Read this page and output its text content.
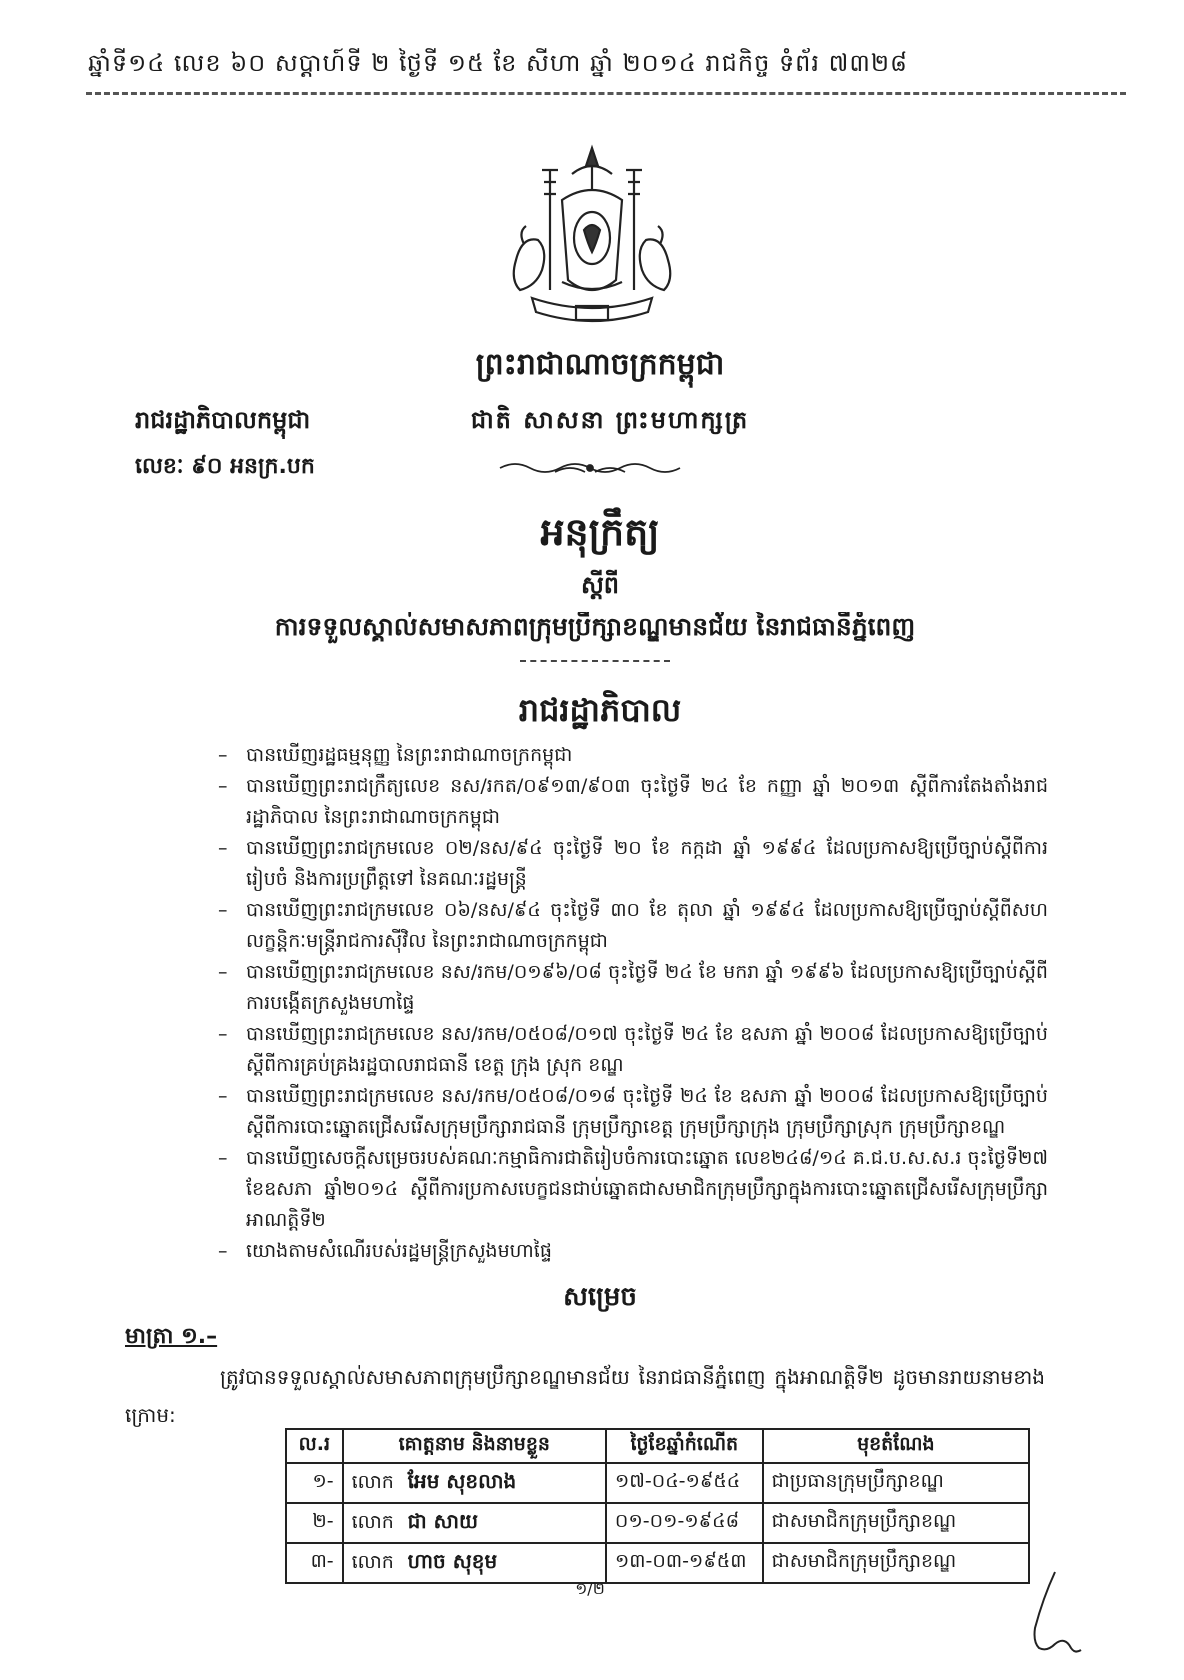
ឆ្នាំទី១៤ លេខ ៦០ សប្តាហ៍ទី ២ ថ្ងៃទី ១៥ ខែ សីហា ឆ្នាំ ២០១៤ រាជកិច្ច ទំព័រ ៧៣២៨
ព្រះរាជាណាចក្រកម្ពុជា
រាជរដ្ឋាភិបាលកម្ពុជា	ជាតិ សាសនា ព្រះមហាក្សត្រ
លេខៈ ៩០ អនក្រ.បក
អនុក្រឹត្យ
ស្តីពី
ការទទួលស្គាល់សមាសភាពក្រុមប្រឹក្សាខណ្ឌមានជ័យ នៃរាជធានីភ្នំពេញ
រាជរដ្ឋាភិបាល
– បានឃើញរដ្ឋធម្មនុញ្ញ នៃព្រះរាជាណាចក្រកម្ពុជា
– បានឃើញព្រះរាជក្រឹត្យលេខ នស/រកត/០៩១៣/៩០៣ ចុះថ្ងៃទី ២៤ ខែ កញ្ញា ឆ្នាំ ២០១៣ ស្តីពីការតែងតាំងរាជរដ្ឋាភិបាល នៃព្រះរាជាណាចក្រកម្ពុជា
– បានឃើញព្រះរាជក្រមលេខ ០២/នស/៩៤ ចុះថ្ងៃទី ២០ ខែ កក្កដា ឆ្នាំ ១៩៩៤ ដែលប្រកាសឱ្យប្រើច្បាប់ស្តីពីការរៀបចំ និងការប្រព្រឹត្តទៅ នៃគណៈរដ្ឋមន្ត្រី
– បានឃើញព្រះរាជក្រមលេខ ០៦/នស/៩៤ ចុះថ្ងៃទី ៣០ ខែ តុលា ឆ្នាំ ១៩៩៤ ដែលប្រកាសឱ្យប្រើច្បាប់ស្តីពីសហលក្ខន្តិកៈមន្ត្រីរាជការស៊ីវិល នៃព្រះរាជាណាចក្រកម្ពុជា
– បានឃើញព្រះរាជក្រមលេខ នស/រកម/០១៩៦/០៨ ចុះថ្ងៃទី ២៤ ខែ មករា ឆ្នាំ ១៩៩៦ ដែលប្រកាសឱ្យប្រើច្បាប់ស្តីពីការបង្កើតក្រសួងមហាផ្ទៃ
– បានឃើញព្រះរាជក្រមលេខ នស/រកម/០៥០៨/០១៧ ចុះថ្ងៃទី ២៤ ខែ ឧសភា ឆ្នាំ ២០០៨ ដែលប្រកាសឱ្យប្រើច្បាប់ស្តីពីការគ្រប់គ្រងរដ្ឋបាលរាជធានី ខេត្ត ក្រុង ស្រុក ខណ្ឌ
– បានឃើញព្រះរាជក្រមលេខ នស/រកម/០៥០៨/០១៨ ចុះថ្ងៃទី ២៤ ខែ ឧសភា ឆ្នាំ ២០០៨ ដែលប្រកាសឱ្យប្រើច្បាប់ស្តីពីការបោះឆ្នោតជ្រើសរើសក្រុមប្រឹក្សារាជធានី ក្រុមប្រឹក្សាខេត្ត ក្រុមប្រឹក្សាក្រុង ក្រុមប្រឹក្សាស្រុក ក្រុមប្រឹក្សាខណ្ឌ
– បានឃើញសេចក្តីសម្រេចរបស់គណៈកម្មាធិការជាតិរៀបចំការបោះឆ្នោត លេខ២៤៨/១៤ គ.ជ.ប.ស.ស.រ ចុះថ្ងៃទី២៧ ខែឧសភា ឆ្នាំ២០១៤ ស្តីពីការប្រកាសបេក្ខជនជាប់ឆ្នោតជាសមាជិកក្រុមប្រឹក្សាក្នុងការបោះឆ្នោតជ្រើសរើសក្រុមប្រឹក្សា អាណត្តិទី២
– យោងតាមសំណើរបស់រដ្ឋមន្ត្រីក្រសួងមហាផ្ទៃ
សម្រេច
មាត្រា ១.–
ត្រូវបានទទួលស្គាល់សមាសភាពក្រុមប្រឹក្សាខណ្ឌមានជ័យ នៃរាជធានីភ្នំពេញ ក្នុងអាណត្តិទី២ ដូចមានរាយនាមខាងក្រោម:
ល.រ	គោត្តនាម និងនាមខ្លួន	ថ្ងៃខែឆ្នាំកំណើត	មុខតំណែង
១-	លោក អែម សុខលាង	១៧-០៤-១៩៥៤	ជាប្រធានក្រុមប្រឹក្សាខណ្ឌ
២-	លោក ជា សាយ	០១-០១-១៩៤៨	ជាសមាជិកក្រុមប្រឹក្សាខណ្ឌ
៣-	លោក ហាច សុខុម	១៣-០៣-១៩៥៣	ជាសមាជិកក្រុមប្រឹក្សាខណ្ឌ
១/២
